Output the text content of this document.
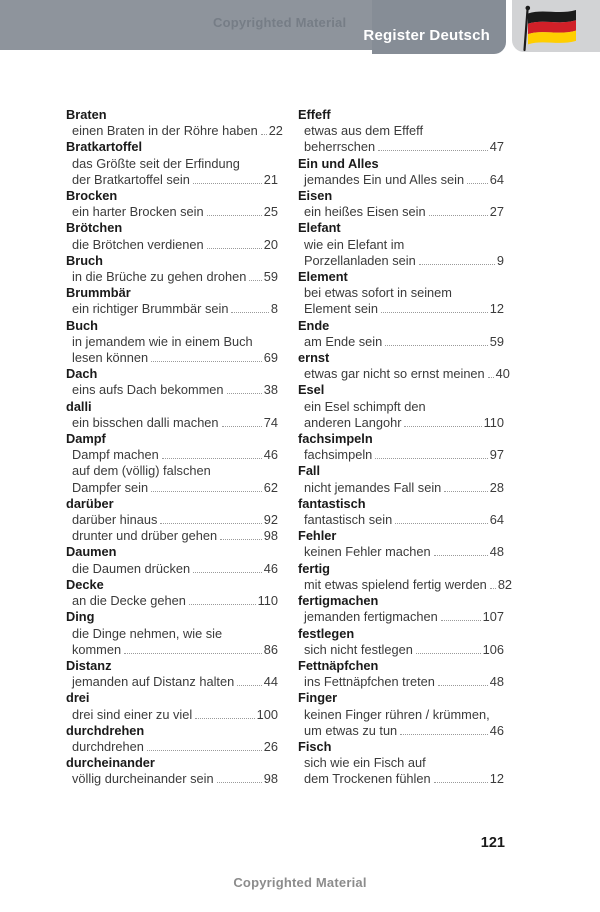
Copyrighted Material
Register Deutsch
Braten
einen Braten in der Röhre haben 22
Bratkartoffel
das Größte seit der Erfindung
der Bratkartoffel sein	21
Brocken
ein harter Brocken sein	25
Brötchen
die Brötchen verdienen	20
Bruch
in die Brüche zu gehen drohen 59
Brummbär
ein richtiger Brummbär sein	8
Buch
in jemandem wie in einem Buch
lesen können	69
Dach
eins aufs Dach bekommen	38
dalli
ein bisschen dalli machen	74
Dampf
Dampf machen	46
auf dem (völlig) falschen
Dampfer sein	62
darüber
darüber hinaus	92
drunter und drüber gehen	98
Daumen
die Daumen drücken	46
Decke
an die Decke gehen	110
Ding
die Dinge nehmen, wie sie
kommen	86
Distanz
jemanden auf Distanz halten 44
drei
drei sind einer zu viel	100
durchdrehen
durchdrehen	26
durcheinander
völlig durcheinander sein	98
Effeff
etwas aus dem Effeff
beherrschen	47
Ein und Alles
jemandes Ein und Alles sein 64
Eisen
ein heißes Eisen sein	27
Elefant
wie ein Elefant im
Porzellanladen sein	9
Element
bei etwas sofort in seinem
Element sein	12
Ende
am Ende sein	59
ernst
etwas gar nicht so ernst meinen 40
Esel
ein Esel schimpft den
anderen Langohr	110
fachsimpeln
fachsimpeln	97
Fall
nicht jemandes Fall sein	28
fantastisch
fantastisch sein	64
Fehler
keinen Fehler machen	48
fertig
mit etwas spielend fertig werden 82
fertigmachen
jemanden fertigmachen	107
festlegen
sich nicht festlegen	106
Fettnäpfchen
ins Fettnäpfchen treten	48
Finger
keinen Finger rühren / krümmen,
um etwas zu tun	46
Fisch
sich wie ein Fisch auf
dem Trockenen fühlen	12
121
Copyrighted Material
